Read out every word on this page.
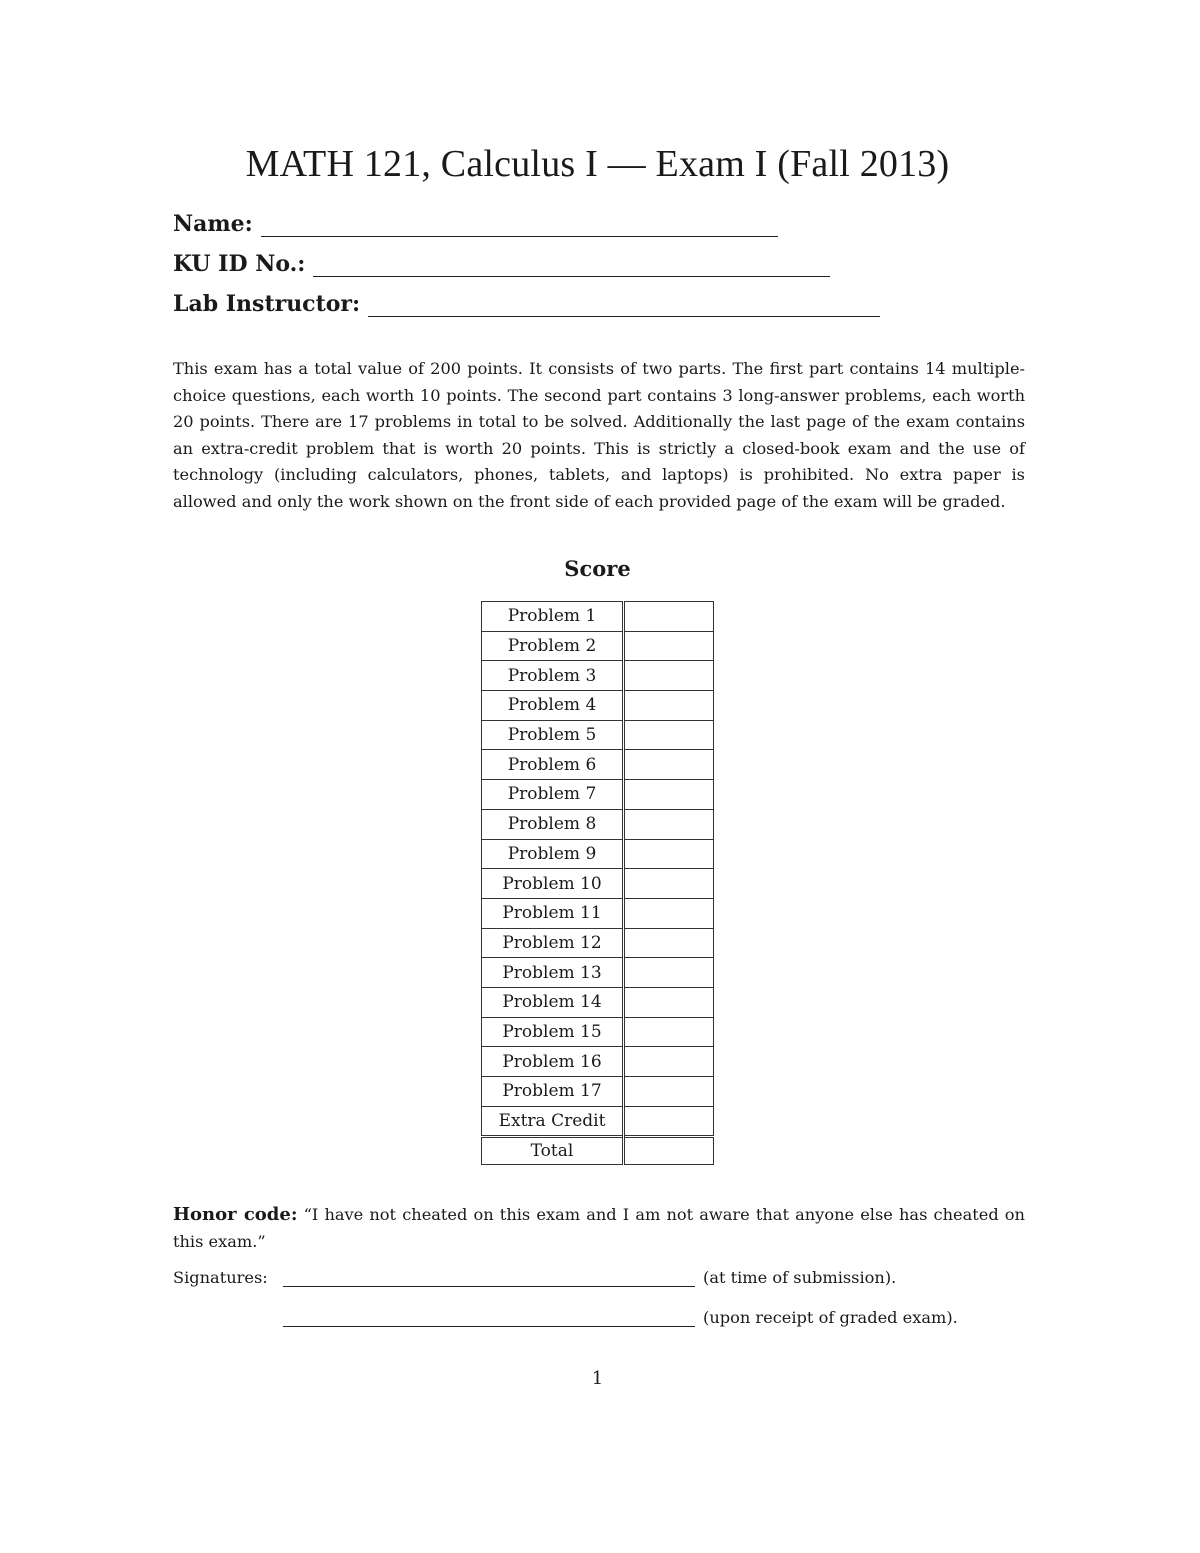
MATH 121, Calculus I — Exam I (Fall 2013)
Name:
KU ID No.:
Lab Instructor:

This exam has a total value of 200 points. It consists of two parts. The first part contains 14 multiple-choice questions, each worth 10 points. The second part contains 3 long-answer problems, each worth 20 points. There are 17 problems in total to be solved. Additionally the last page of the exam contains an extra-credit problem that is worth 20 points. This is strictly a closed-book exam and the use of technology (including calculators, phones, tablets, and laptops) is prohibited. No extra paper is allowed and only the work shown on the front side of each provided page of the exam will be graded.

Score
Problem 1	
Problem 2	
Problem 3	
Problem 4	
Problem 5	
Problem 6	
Problem 7	
Problem 8	
Problem 9	
Problem 10	
Problem 11	
Problem 12	
Problem 13	
Problem 14	
Problem 15	
Problem 16	
Problem 17	
Extra Credit	
Total	

Honor code: “I have not cheated on this exam and I am not aware that anyone else has cheated on this exam.”

Signatures:	(at time of submission).
(upon receipt of graded exam).

1
